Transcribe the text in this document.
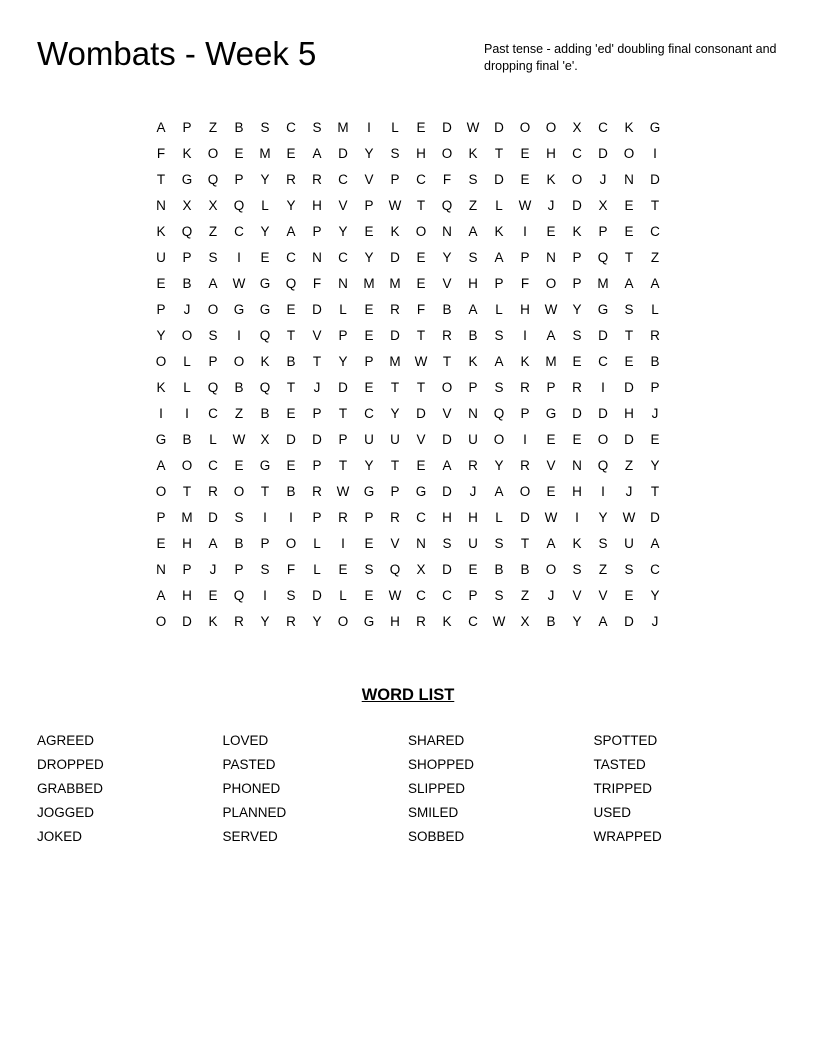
Wombats - Week 5	Past tense - adding 'ed' doubling final consonant and dropping final 'e'.

A	P	Z	B	S	C	S	M	I	L	E	D	W	D	O	O	X	C	K	G
F	K	O	E	M	E	A	D	Y	S	H	O	K	T	E	H	C	D	O	I
T	G	Q	P	Y	R	R	C	V	P	C	F	S	D	E	K	O	J	N	D
N	X	X	Q	L	Y	H	V	P	W	T	Q	Z	L	W	J	D	X	E	T
K	Q	Z	C	Y	A	P	Y	E	K	O	N	A	K	I	E	K	P	E	C
U	P	S	I	E	C	N	C	Y	D	E	Y	S	A	P	N	P	Q	T	Z
E	B	A	W	G	Q	F	N	M	M	E	V	H	P	F	O	P	M	A	A
P	J	O	G	G	E	D	L	E	R	F	B	A	L	H	W	Y	G	S	L
Y	O	S	I	Q	T	V	P	E	D	T	R	B	S	I	A	S	D	T	R
O	L	P	O	K	B	T	Y	P	M	W	T	K	A	K	M	E	C	E	B
K	L	Q	B	Q	T	J	D	E	T	T	O	P	S	R	P	R	I	D	P
I	I	C	Z	B	E	P	T	C	Y	D	V	N	Q	P	G	D	D	H	J
G	B	L	W	X	D	D	P	U	U	V	D	U	O	I	E	E	O	D	E
A	O	C	E	G	E	P	T	Y	T	E	A	R	Y	R	V	N	Q	Z	Y
O	T	R	O	T	B	R	W	G	P	G	D	J	A	O	E	H	I	J	T
P	M	D	S	I	I	P	R	P	R	C	H	H	L	D	W	I	Y	W	D
E	H	A	B	P	O	L	I	E	V	N	S	U	S	T	A	K	S	U	A
N	P	J	P	S	F	L	E	S	Q	X	D	E	B	B	O	S	Z	S	C
A	H	E	Q	I	S	D	L	E	W	C	C	P	S	Z	J	V	V	E	Y
O	D	K	R	Y	R	Y	O	G	H	R	K	C	W	X	B	Y	A	D	J
WORD LIST
AGREED	LOVED	SHARED	SPOTTED
DROPPED	PASTED	SHOPPED	TASTED
GRABBED	PHONED	SLIPPED	TRIPPED
JOGGED	PLANNED	SMILED	USED
JOKED	SERVED	SOBBED	WRAPPED
